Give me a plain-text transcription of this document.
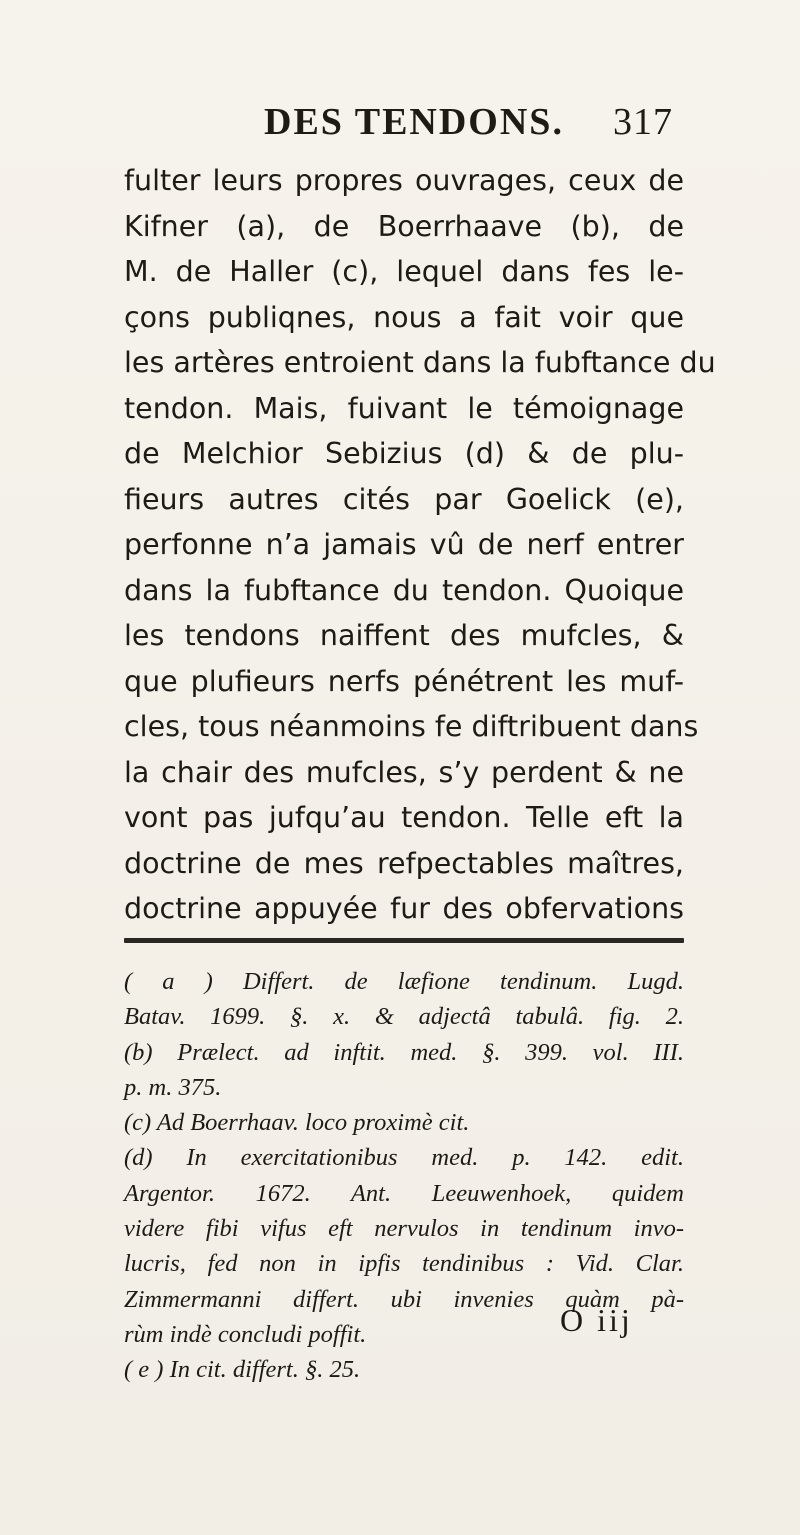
DES TENDONS. 317
fulter leurs propres ouvrages, ceux de
Kifner (a), de Boerrhaave (b), de
M. de Haller (c), lequel dans fes le-
çons publiqnes, nous a fait voir que
les artères entroient dans la fubftance du
tendon. Mais, fuivant le témoignage
de Melchior Sebizius (d) & de plu-
fieurs autres cités par Goelick (e),
perfonne n’a jamais vû de nerf entrer
dans la fubftance du tendon. Quoique
les tendons naiffent des mufcles, &
que plufieurs nerfs pénétrent les muf-
cles, tous néanmoins fe diftribuent dans
la chair des mufcles, s’y perdent & ne
vont pas jufqu’au tendon. Telle eft la
doctrine de mes refpectables maîtres,
doctrine appuyée fur des obfervations
( a ) Differt. de læfione tendinum. Lugd.
Batav. 1699. §. x. & adjectâ tabulâ. fig. 2.
(b) Prælect. ad inftit. med. §. 399. vol. III.
p. m. 375.
(c) Ad Boerrhaav. loco proximè cit.
(d) In exercitationibus med. p. 142. edit.
Argentor. 1672. Ant. Leeuwenhoek, quidem
videre fibi vifus eft nervulos in tendinum invo-
lucris, fed non in ipfis tendinibus : Vid. Clar.
Zimmermanni differt. ubi invenies quàm pà-
rùm indè concludi poffit.
( e ) In cit. differt. §. 25.
O iij
